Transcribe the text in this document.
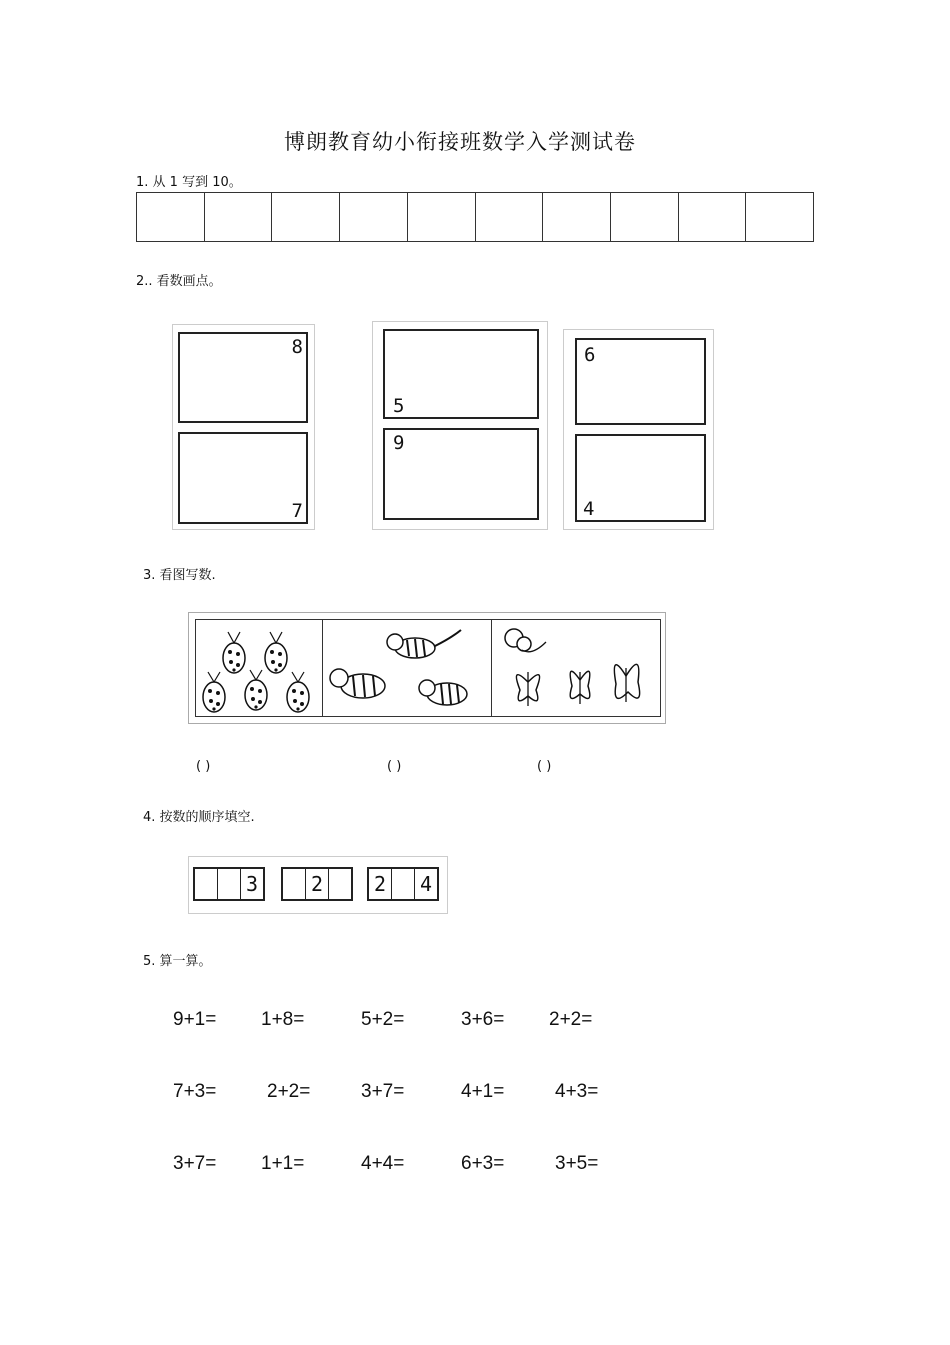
博朗教育幼小衔接班数学入学测试卷
1. 从 1 写到 10。
2.. 看数画点。
8
7
5
9
6
4
3. 看图写数.
( )	( )	( )
4. 按数的顺序填空.
3	2	2 4
5. 算一算。
9+1= 1+8=	5+2=	3+6= 2+2=
7+3=	2+2=	3+7=	4+1=	4+3=
3+7= 1+1=	4+4=	6+3=	3+5=
